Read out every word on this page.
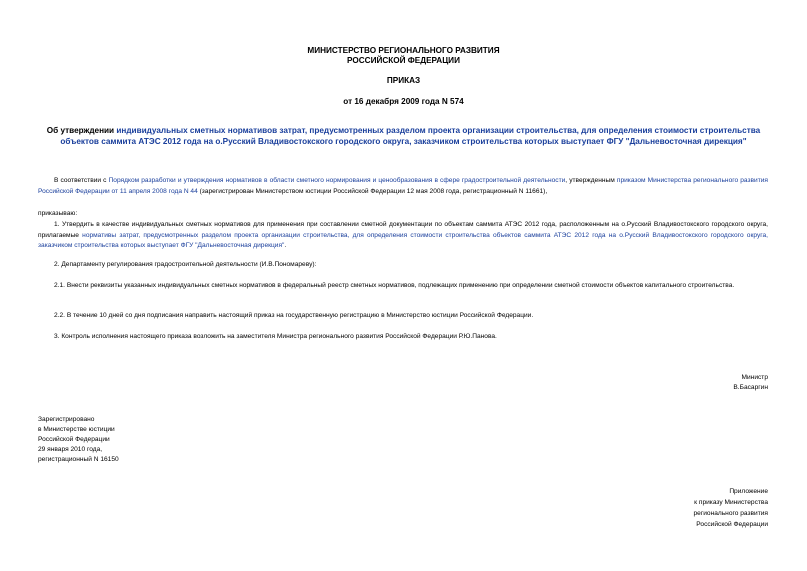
МИНИСТЕРСТВО РЕГИОНАЛЬНОГО РАЗВИТИЯ
РОССИЙСКОЙ ФЕДЕРАЦИИ
ПРИКАЗ
от 16 декабря 2009 года N 574
Об утверждении индивидуальных сметных нормативов затрат, предусмотренных разделом проекта организации строительства, для определения стоимости строительства объектов саммита АТЭС 2012 года на о.Русский Владивостокского городского округа, заказчиком строительства которых выступает ФГУ "Дальневосточная дирекция"
В соответствии с Порядком разработки и утверждения нормативов в области сметного нормирования и ценообразования в сфере градостроительной деятельности, утвержденным приказом Министерства регионального развития Российской Федерации от 11 апреля 2008 года N 44 (зарегистрирован Министерством юстиции Российской Федерации 12 мая 2008 года, регистрационный N 11661),
приказываю:
1. Утвердить в качестве индивидуальных сметных нормативов для применения при составлении сметной документации по объектам саммита АТЭС 2012 года, расположенным на о.Русский Владивостокского городского округа, прилагаемые нормативы затрат, предусмотренных разделом проекта организации строительства, для определения стоимости строительства объектов саммита АТЭС 2012 года на о.Русский Владивостокского городского округа, заказчиком строительства которых выступает ФГУ "Дальневосточная дирекция".
2. Департаменту регулирования градостроительной деятельности (И.В.Пономареву):
2.1. Внести реквизиты указанных индивидуальных сметных нормативов в федеральный реестр сметных нормативов, подлежащих применению при определении сметной стоимости объектов капитального строительства.
2.2. В течение 10 дней со дня подписания направить настоящий приказ на государственную регистрацию в Министерство юстиции Российской Федерации.
3. Контроль исполнения настоящего приказа возложить на заместителя Министра регионального развития Российской Федерации Р.Ю.Панова.
Министр
В.Басаргин
Зарегистрировано
в Министерстве юстиции
Российской Федерации
29 января 2010 года,
регистрационный N 16150
Приложение
к приказу Министерства
регионального развития
Российской Федерации
